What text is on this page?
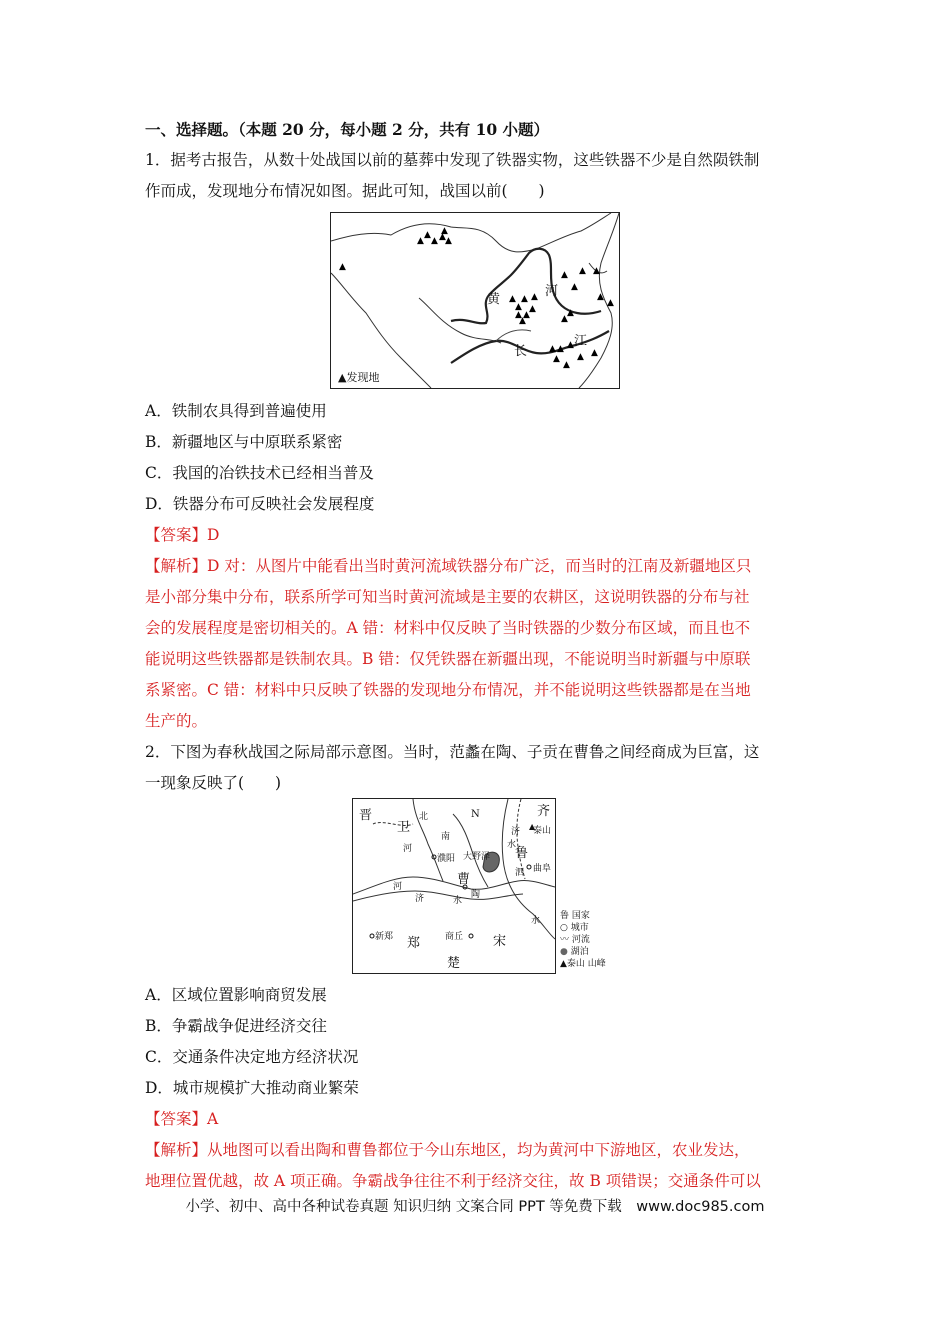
一、选择题。（本题 20 分，每小题 2 分，共有 10 小题）

1．据考古报告，从数十处战国以前的墓葬中发现了铁器实物，这些铁器不少是自然陨铁制

作而成，发现地分布情况如图。据此可知，战国以前(　　)

▲
▲ ▲ ▲ ▲
▲
▲
▲
▲
▲
▲ ▲
▲
▲
▲
▲
▲
▲ ▲
▲
▲
▲
▲
▲ ▲ ▲
▲
▲
▲
▲
黄
河
长
江
▲发现地

A．铁制农具得到普遍使用

B．新疆地区与中原联系紧密

C．我国的冶铁技术已经相当普及

D．铁器分布可反映社会发展程度

【答案】D

【解析】D 对：从图片中能看出当时黄河流域铁器分布广泛，而当时的江南及新疆地区只

是小部分集中分布，联系所学可知当时黄河流域是主要的农耕区，这说明铁器的分布与社

会的发展程度是密切相关的。A 错：材料中仅反映了当时铁器的少数分布区域，而且也不

能说明这些铁器都是铁制农具。B 错：仅凭铁器在新疆出现，不能说明当时新疆与中原联

系紧密。C 错：材料中只反映了铁器的发现地分布情况，并不能说明这些铁器都是在当地

生产的。

2．下图为春秋战国之际局部示意图。当时，范蠡在陶、子贡在曹鲁之间经商成为巨富，这

一现象反映了(　　)

晋
卫
齐
泰山
N
北
南
河
濮阳 大野泽
济
水
鲁
曲阜
泗
曹
陶
河
济	水
水
新郑 郑	商丘 宋
楚
▲
鲁 国家
○ 城市
〰 河流
● 湖泊
▲泰山 山峰

A．区域位置影响商贸发展

B．争霸战争促进经济交往

C．交通条件决定地方经济状况

D．城市规模扩大推动商业繁荣

【答案】A

【解析】从地图可以看出陶和曹鲁都位于今山东地区，均为黄河中下游地区，农业发达，

地理位置优越，故 A 项正确。争霸战争往往不利于经济交往，故 B 项错误；交通条件可以

小学、初中、高中各种试卷真题 知识归纳 文案合同 PPT 等免费下载　www.doc985.com
